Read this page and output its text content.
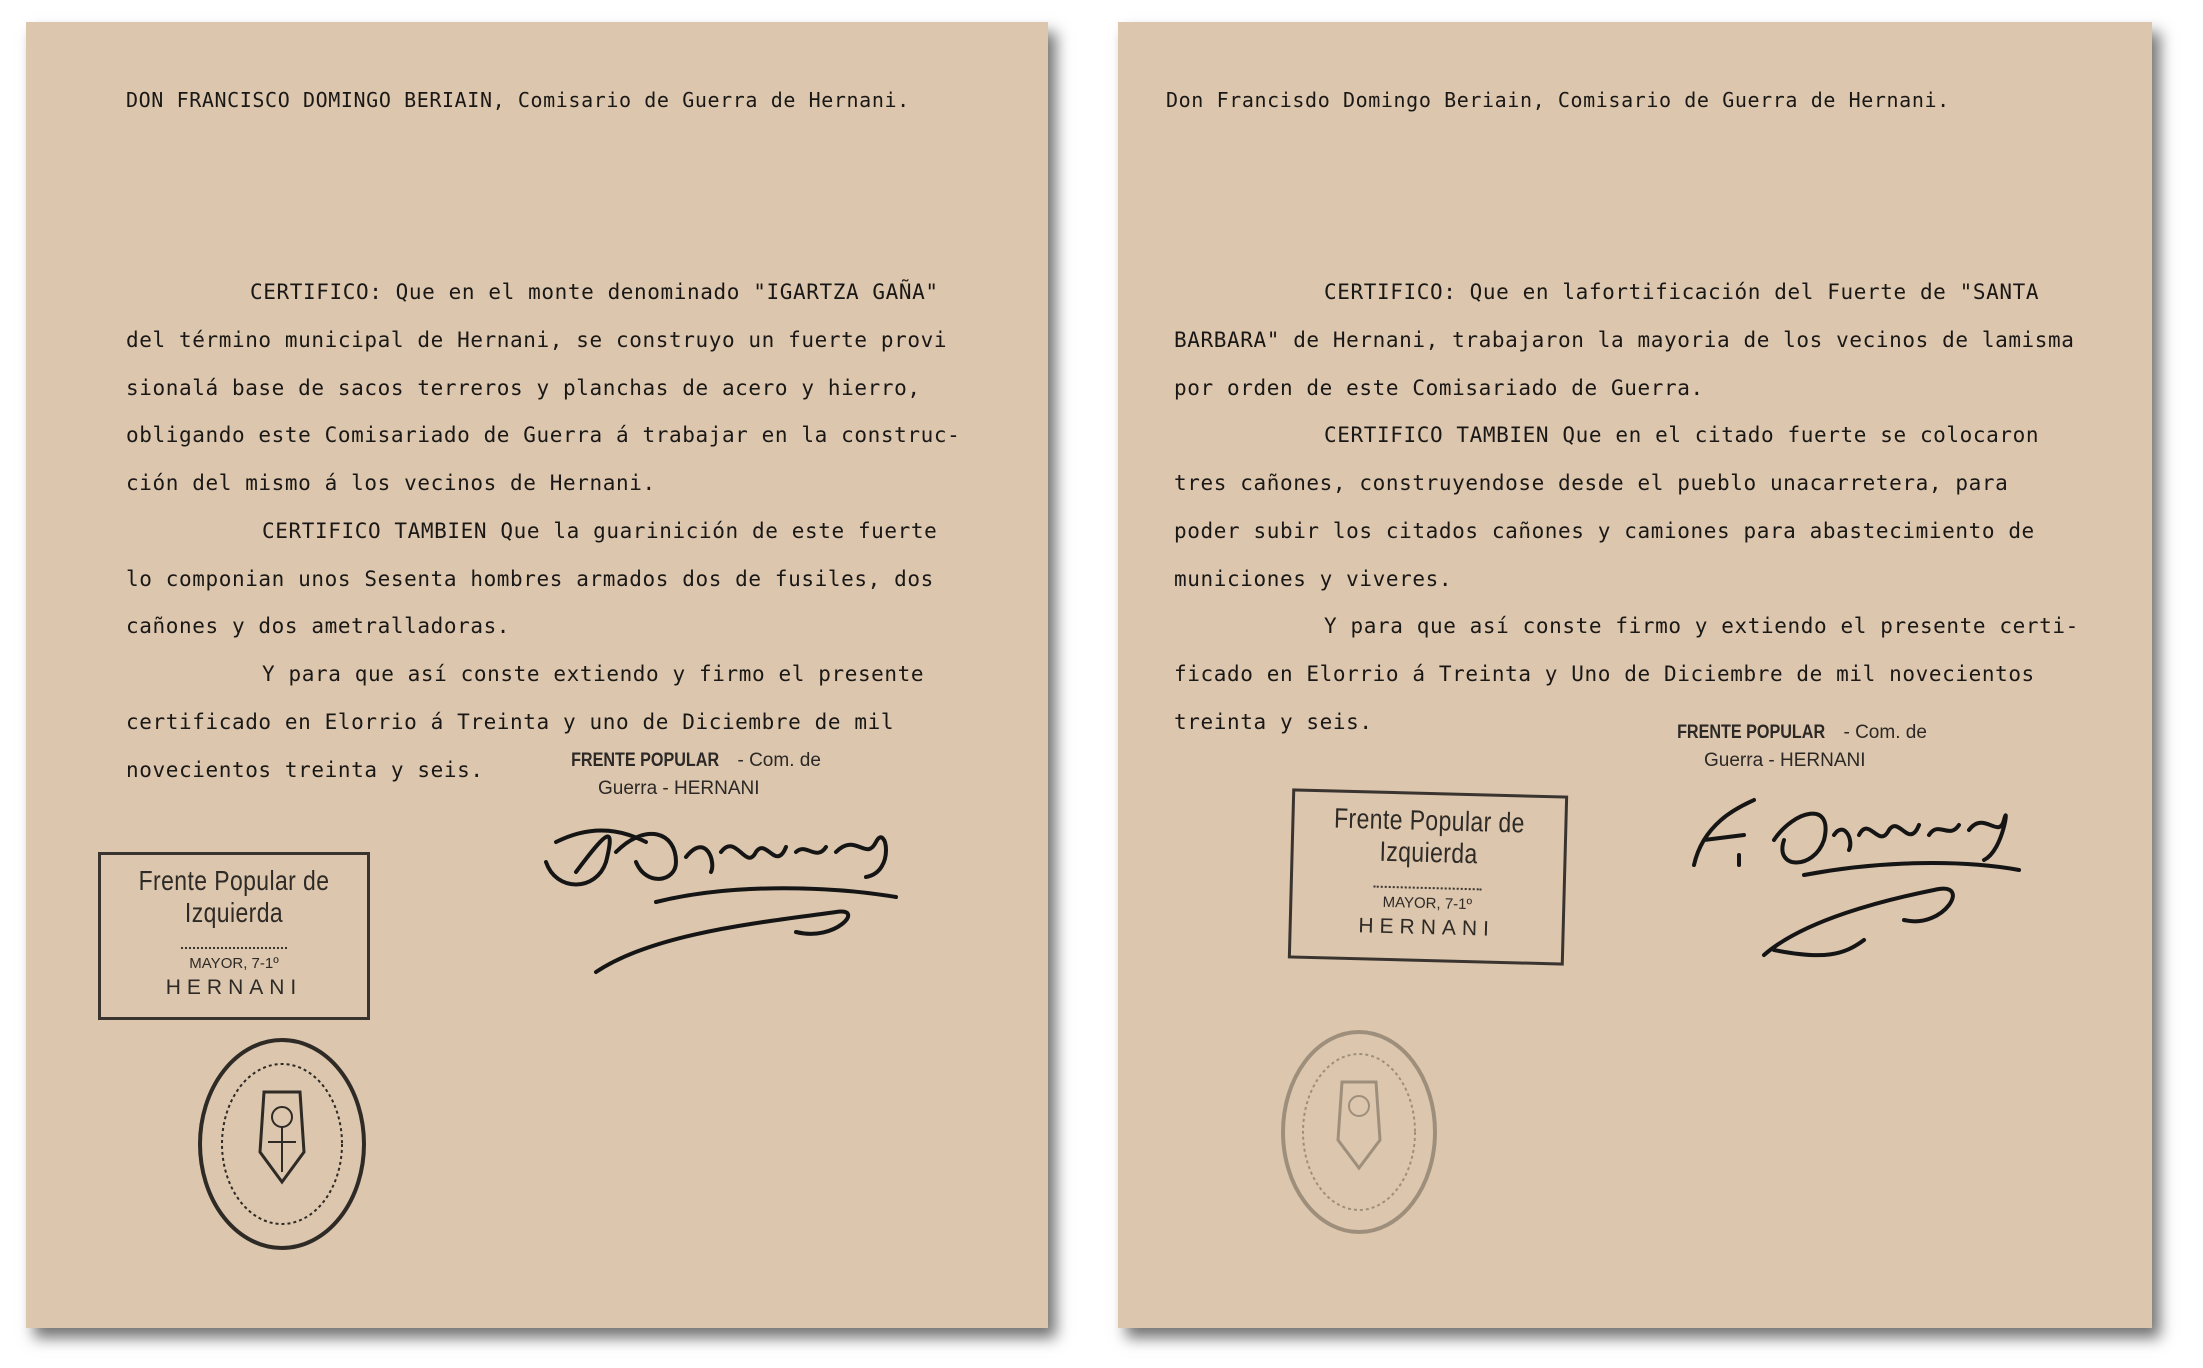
DON FRANCISCO DOMINGO BERIAIN, Comisario de Guerra de Hernani.
CERTIFICO: Que en el monte denominado "IGARTZA GAÑA"
del término municipal de Hernani, se construyo un fuerte provi
sionalá base de sacos terreros y planchas de acero y hierro,
obligando este Comisariado de Guerra á trabajar en la construc-
ción del mismo á los vecinos de Hernani.
CERTIFICO TAMBIEN Que la guarinición de este fuerte
lo componian unos Sesenta hombres armados dos de fusiles, dos
cañones y dos ametralladoras.
Y para que así conste extiendo y firmo el presente
certificado en Elorrio á Treinta y uno de Diciembre de mil
novecientos treinta y seis.	FRENTE POPULAR - Com. de
Guerra - HERNANI
Frente Popular de Izquierda
MAYOR, 7-1º
HERNANI
Don Francisdo Domingo Beriain, Comisario de Guerra de Hernani.
CERTIFICO: Que en lafortificación del Fuerte de "SANTA
BARBARA" de Hernani, trabajaron la mayoria de los vecinos de lamisma
por orden de este Comisariado de Guerra.
CERTIFICO TAMBIEN Que en el citado fuerte se colocaron
tres cañones, construyendose desde el pueblo unacarretera, para
poder subir los citados cañones y camiones para abastecimiento de
municiones y viveres.
Y para que así conste firmo y extiendo el presente certi-
ficado en Elorrio á Treinta y Uno de Diciembre de mil novecientos
treinta y seis.	FRENTE POPULAR - Com. de
Guerra - HERNANI
Frente Popular de Izquierda
MAYOR, 7-1º
HERNANI
